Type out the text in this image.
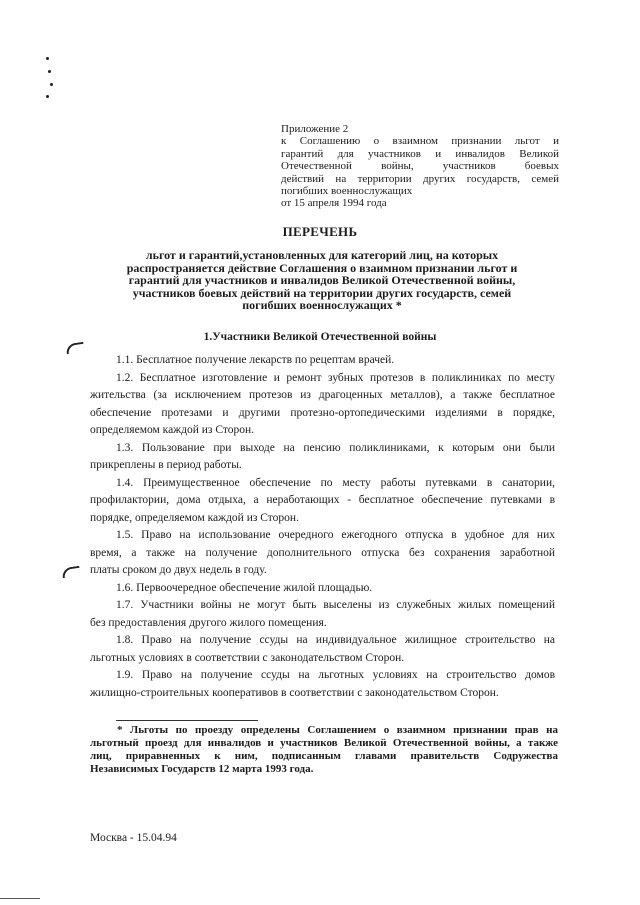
Приложение 2
к Соглашению о взаимном признании льгот и
гарантий для участников и инвалидов Великой
Отечественной войны, участников боевых
действий на территории других государств, семей
погибших военнослужащих
от 15 апреля 1994 года
ПЕРЕЧЕНЬ
льгот и гарантий,установленных для категорий лиц, на которых
распространяется действие Соглашения о взаимном признании льгот и
гарантий для участников и инвалидов Великой Отечественной войны,
участников боевых действий на территории других государств, семей
погибших военнослужащих *
1.Участники Великой Отечественной войны
1.1. Бесплатное получение лекарств по рецептам врачей.
1.2. Бесплатное изготовление и ремонт зубных протезов в поликлиниках по месту
жительства (за исключением протезов из драгоценных металлов), а также бесплатное
обеспечение протезами и другими протезно-ортопедическими изделиями в порядке,
определяемом каждой из Сторон.
1.3. Пользование при выходе на пенсию поликлиниками, к которым они были
прикреплены в период работы.
1.4. Преимущественное обеспечение по месту работы путевками в санатории,
профилактории, дома отдыха, а неработающих - бесплатное обеспечение путевками в
порядке, определяемом каждой из Сторон.
1.5. Право на использование очередного ежегодного отпуска в удобное для них
время, а также на получение дополнительного отпуска без сохранения заработной
платы сроком до двух недель в году.
1.6. Первоочередное обеспечение жилой площадью.
1.7. Участники войны не могут быть выселены из служебных жилых помещений
без предоставления другого жилого помещения.
1.8. Право на получение ссуды на индивидуальное жилищное строительство на
льготных условиях в соответствии с законодательством Сторон.
1.9. Право на получение ссуды на льготных условиях на строительство домов
жилищно-строительных кооперативов в соответствии с законодательством Сторон.
* Льготы по проезду определены Соглашением о взаимном признании прав на
льготный проезд для инвалидов и участников Великой Отечественной войны, а также
лиц, приравненных к ним, подписанным главами правительств Содружества
Независимых Государств 12 марта 1993 года.
Москва - 15.04.94
